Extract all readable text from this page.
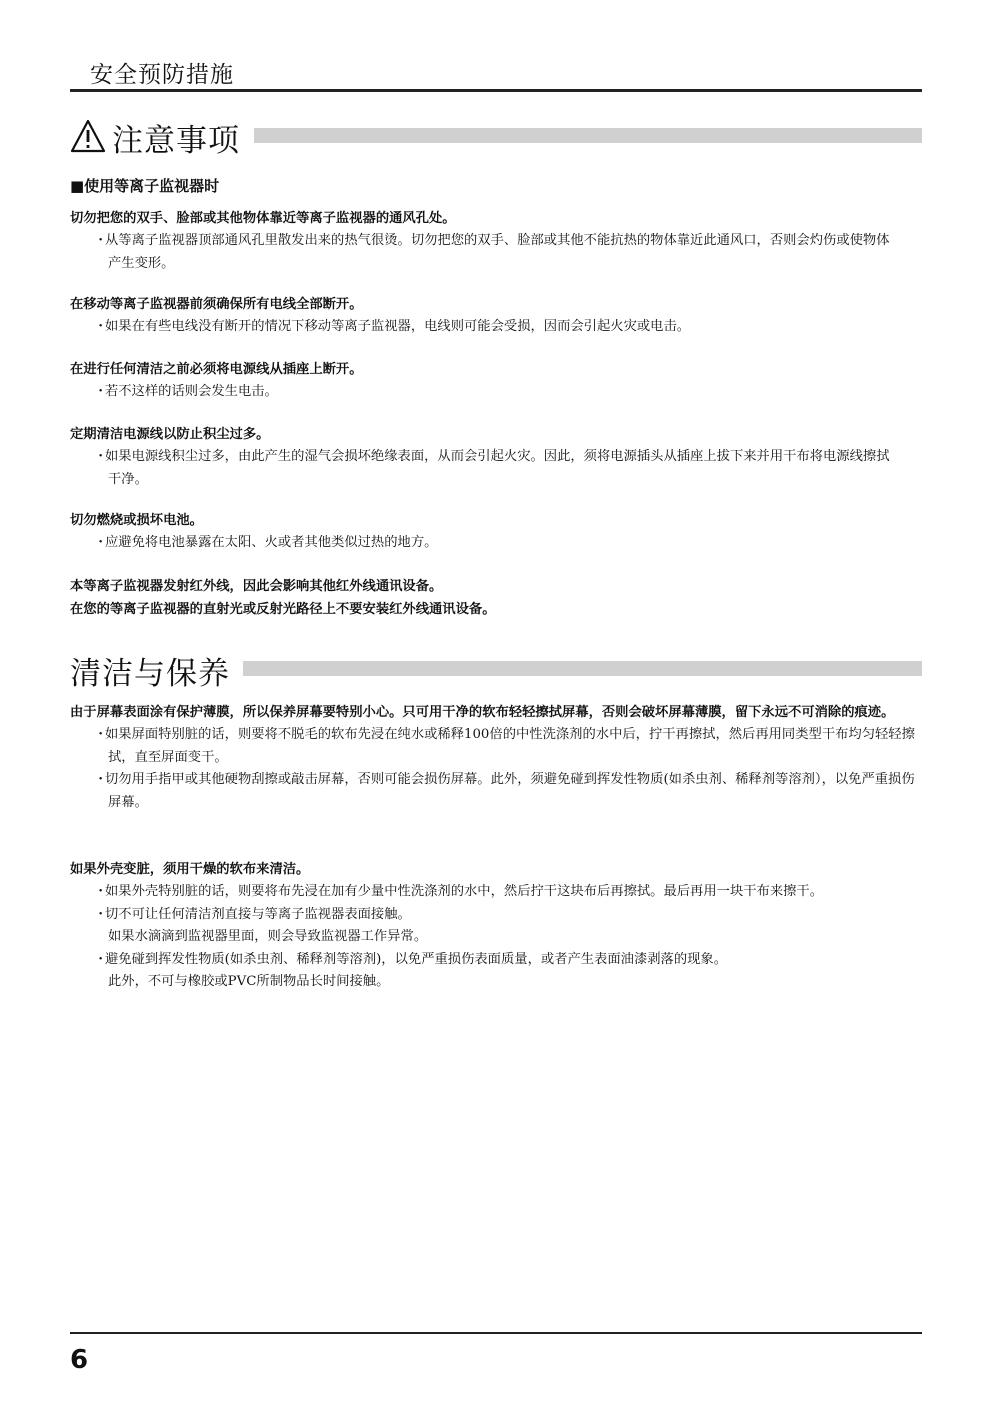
安全预防措施
注意事项
■使用等离子监视器时
切勿把您的双手、脸部或其他物体靠近等离子监视器的通风孔处。
・ 从等离子监视器顶部通风孔里散发出来的热气很烫。切勿把您的双手、脸部或其他不能抗热的物体靠近此通风口，否则会灼伤或使物体产生变形。
在移动等离子监视器前须确保所有电线全部断开。
・ 如果在有些电线没有断开的情况下移动等离子监视器，电线则可能会受损，因而会引起火灾或电击。
在进行任何清洁之前必须将电源线从插座上断开。
・ 若不这样的话则会发生电击。
定期清洁电源线以防止积尘过多。
・ 如果电源线积尘过多，由此产生的湿气会损坏绝缘表面，从而会引起火灾。因此，须将电源插头从插座上拔下来并用干布将电源线擦拭干净。
切勿燃烧或损坏电池。
・ 应避免将电池暴露在太阳、火或者其他类似过热的地方。
本等离子监视器发射红外线，因此会影响其他红外线通讯设备。
在您的等离子监视器的直射光或反射光路径上不要安装红外线通讯设备。
清洁与保养
由于屏幕表面涂有保护薄膜，所以保养屏幕要特别小心。只可用干净的软布轻轻擦拭屏幕，否则会破坏屏幕薄膜，留下永远不可消除的痕迹。
・ 如果屏面特别脏的话，则要将不脱毛的软布先浸在纯水或稀释100倍的中性洗涤剂的水中后，拧干再擦拭，然后再用同类型干布均匀轻轻擦拭，直至屏面变干。
・ 切勿用手指甲或其他硬物刮擦或敲击屏幕，否则可能会损伤屏幕。此外，须避免碰到挥发性物质(如杀虫剂、稀释剂等溶剂），以免严重损伤屏幕。
如果外壳变脏，须用干燥的软布来清洁。
・ 如果外壳特别脏的话，则要将布先浸在加有少量中性洗涤剂的水中，然后拧干这块布后再擦拭。最后再用一块干布来擦干。
・ 切不可让任何清洁剂直接与等离子监视器表面接触。
如果水滴滴到监视器里面，则会导致监视器工作异常。
・ 避免碰到挥发性物质(如杀虫剂、稀释剂等溶剂)，以免严重损伤表面质量，或者产生表面油漆剥落的现象。
此外，不可与橡胶或PVC所制物品长时间接触。
6
